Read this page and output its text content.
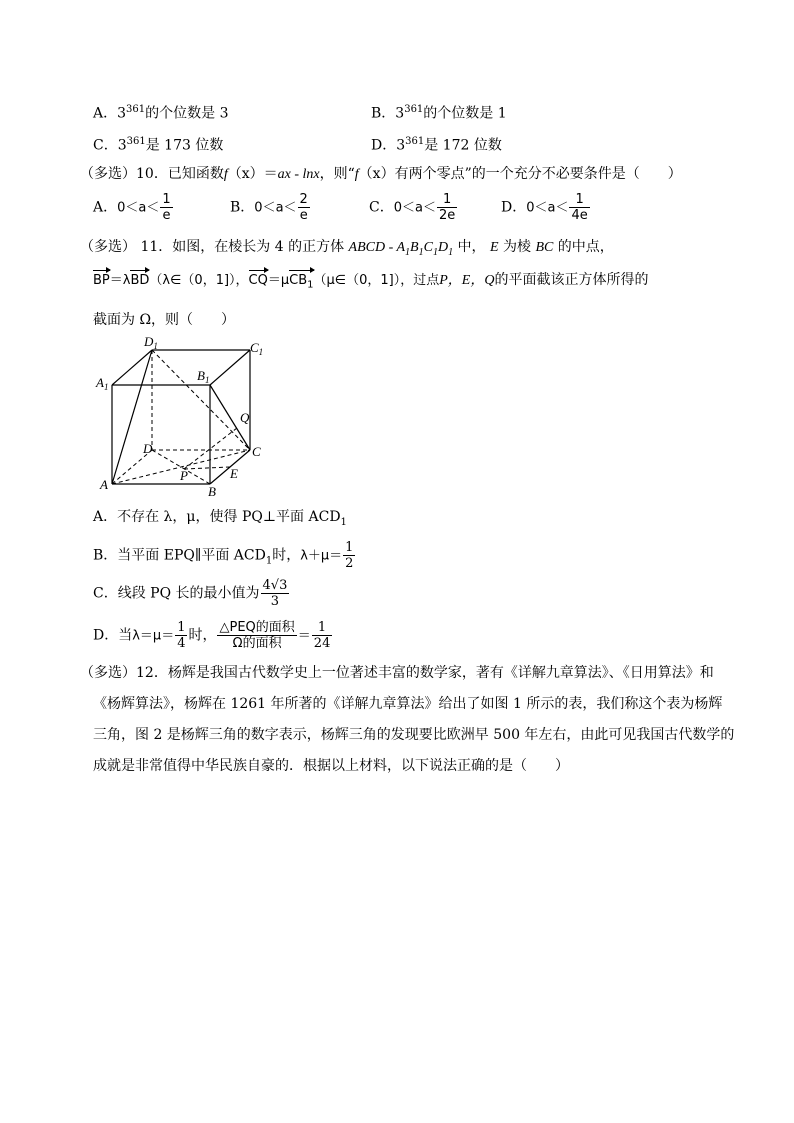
A．$3^{361}$的个位数是 3	B．$3^{361}$的个位数是 1
C．$3^{361}$是 173 位数	D．$3^{361}$是 172 位数
（多选）10．已知函数f（x）＝ax - lnx，则“f（x）有两个零点”的一个充分不必要条件是（　　）
A．$0<a< \frac{1}{e}$	B．$0<a< \frac{2}{e}$	C．$0<a< \frac{1}{2e}$	D．$0<a< \frac{1}{4e}$
（多选） 11．如图，在棱长为 4 的正方体 ABCD - $A_1B_1C_1D_1$ 中， E 为棱 BC 的中点，
BP＝λBD（λ∈（0，1]），CQ＝μCB$_1$（μ∈（0，1]），过点P，E，Q的平面截该正方体所得的
截面为 Ω，则（　　）
$D_1$	$C_1$
$A_1$
$B_1$
D	C
A	B
Q
P	E
A．不存在 λ，μ，使得 PQ⊥平面 $ACD_1$
B．当平面 EPQ∥平面 $ACD_1$时，$\lambda+\mu= \frac{1}{2}$
C．线段 PQ 长的最小值为 $\frac{4√3}{3}$
D．当$\lambda=\mu= \frac{1}{4}$ 时， $\frac{\text{△PEQ的面积}}{\text{Ω的面积}} = \frac{1}{24}$
（多选）12．杨辉是我国古代数学史上一位著述丰富的数学家，著有《详解九章算法》、《日用算法》和
《杨辉算法》，杨辉在 1261 年所著的《详解九章算法》给出了如图 1 所示的表，我们称这个表为杨辉
三角，图 2 是杨辉三角的数字表示，杨辉三角的发现要比欧洲早 500 年左右，由此可见我国古代数学的
成就是非常值得中华民族自豪的．根据以上材料，以下说法正确的是（　　）
